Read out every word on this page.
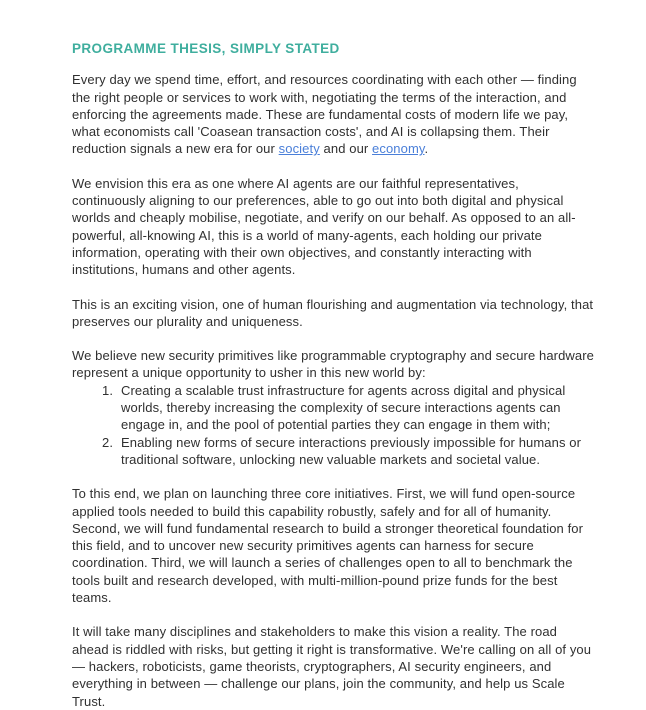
PROGRAMME THESIS, SIMPLY STATED

Every day we spend time, effort, and resources coordinating with each other — finding the right people or services to work with, negotiating the terms of the interaction, and enforcing the agreements made. These are fundamental costs of modern life we pay, what economists call 'Coasean transaction costs', and AI is collapsing them. Their reduction signals a new era for our society and our economy.

We envision this era as one where AI agents are our faithful representatives, continuously aligning to our preferences, able to go out into both digital and physical worlds and cheaply mobilise, negotiate, and verify on our behalf. As opposed to an all-powerful, all-knowing AI, this is a world of many-agents, each holding our private information, operating with their own objectives, and constantly interacting with institutions, humans and other agents.

This is an exciting vision, one of human flourishing and augmentation via technology, that preserves our plurality and uniqueness.

We believe new security primitives like programmable cryptography and secure hardware represent a unique opportunity to usher in this new world by:

1. Creating a scalable trust infrastructure for agents across digital and physical worlds, thereby increasing the complexity of secure interactions agents can engage in, and the pool of potential parties they can engage in them with;
2. Enabling new forms of secure interactions previously impossible for humans or traditional software, unlocking new valuable markets and societal value.

To this end, we plan on launching three core initiatives. First, we will fund open-source applied tools needed to build this capability robustly, safely and for all of humanity. Second, we will fund fundamental research to build a stronger theoretical foundation for this field, and to uncover new security primitives agents can harness for secure coordination. Third, we will launch a series of challenges open to all to benchmark the tools built and research developed, with multi-million-pound prize funds for the best teams.

It will take many disciplines and stakeholders to make this vision a reality. The road ahead is riddled with risks, but getting it right is transformative. We're calling on all of you — hackers, roboticists, game theorists, cryptographers, AI security engineers, and everything in between — challenge our plans, join the community, and help us Scale Trust.
